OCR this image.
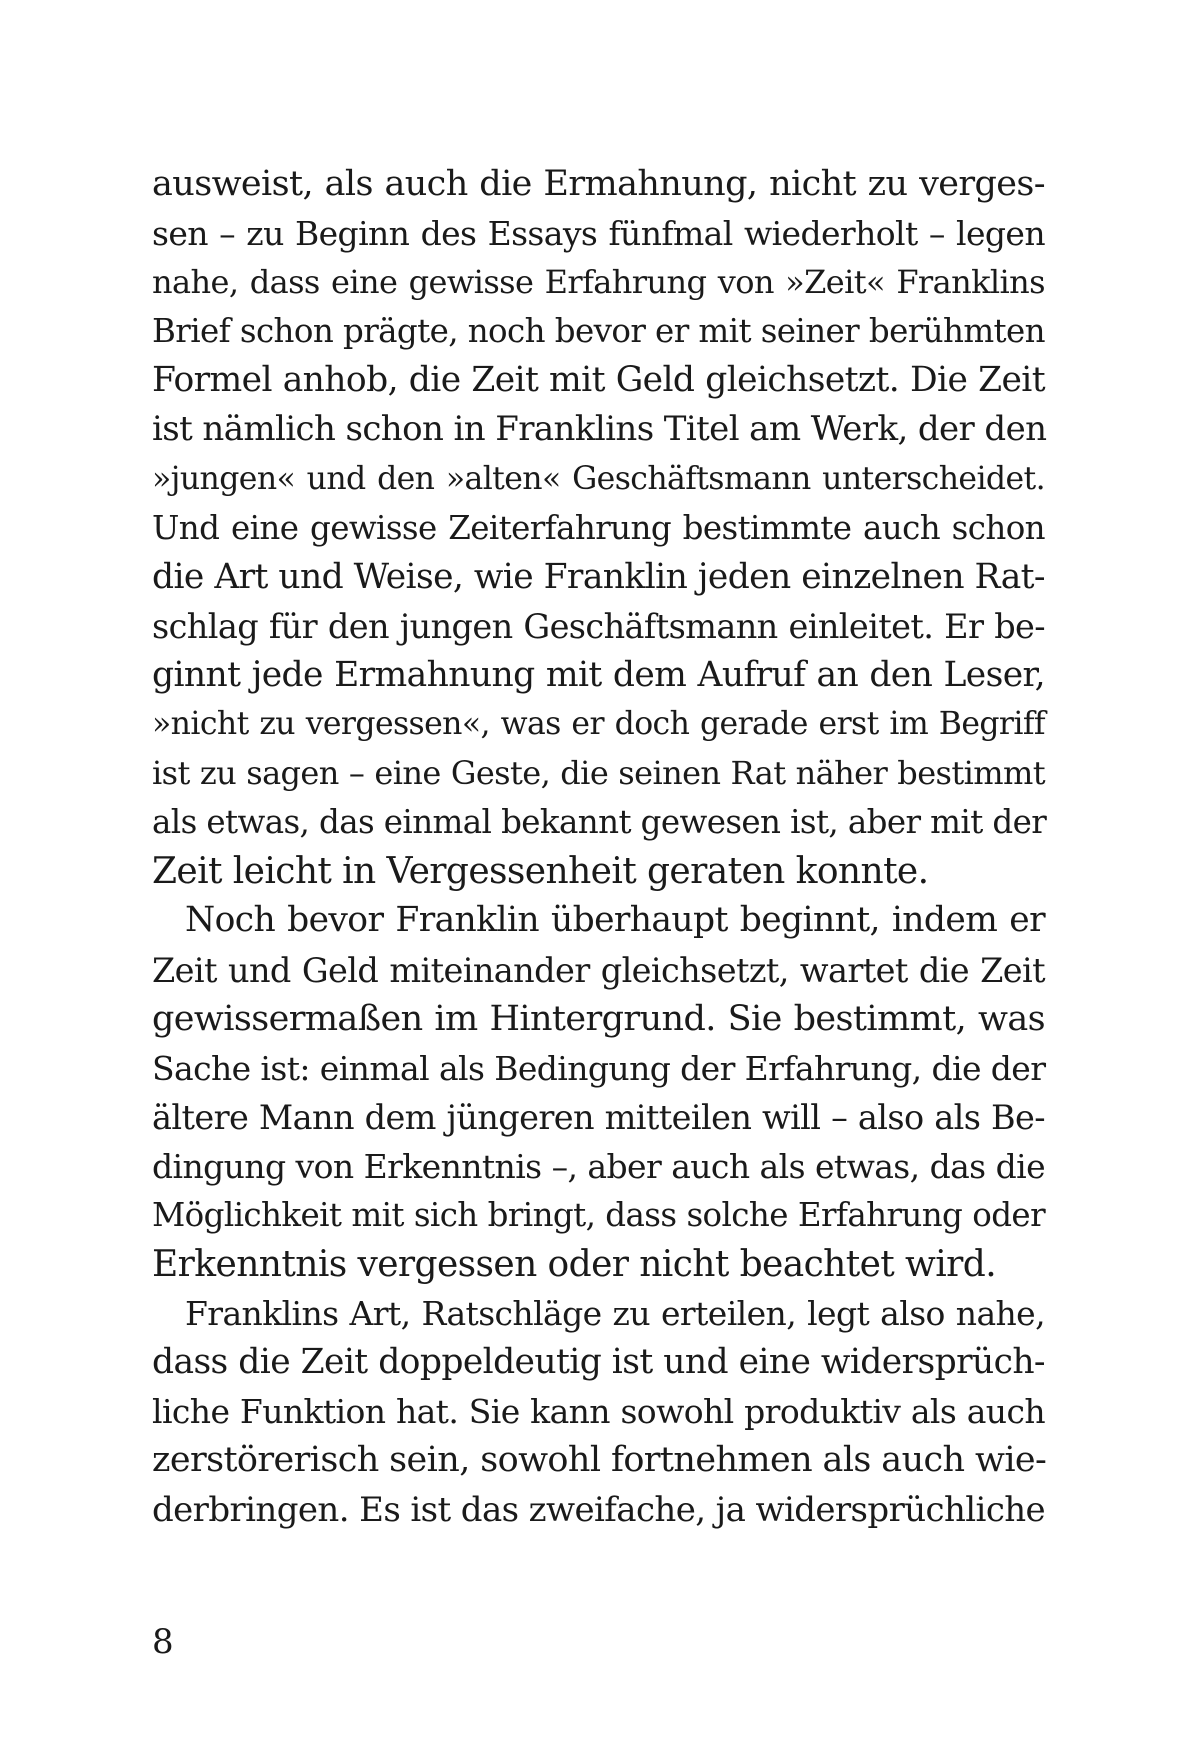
ausweist, als auch die Ermahnung, nicht zu verges-
sen – zu Beginn des Essays fünfmal wiederholt – legen
nahe, dass eine gewisse Erfahrung von »Zeit« Franklins
Brief schon prägte, noch bevor er mit seiner berühmten
Formel anhob, die Zeit mit Geld gleichsetzt. Die Zeit
ist nämlich schon in Franklins Titel am Werk, der den
»jungen« und den »alten« Geschäftsmann unterscheidet.
Und eine gewisse Zeiterfahrung bestimmte auch schon
die Art und Weise, wie Franklin jeden einzelnen Rat-
schlag für den jungen Geschäftsmann einleitet. Er be-
ginnt jede Ermahnung mit dem Aufruf an den Leser,
»nicht zu vergessen«, was er doch gerade erst im Begriff
ist zu sagen – eine Geste, die seinen Rat näher bestimmt
als etwas, das einmal bekannt gewesen ist, aber mit der
Zeit leicht in Vergessenheit geraten konnte.
Noch bevor Franklin überhaupt beginnt, indem er
Zeit und Geld miteinander gleichsetzt, wartet die Zeit
gewissermaßen im Hintergrund. Sie bestimmt, was
Sache ist: einmal als Bedingung der Erfahrung, die der
ältere Mann dem jüngeren mitteilen will – also als Be-
dingung von Erkenntnis –, aber auch als etwas, das die
Möglichkeit mit sich bringt, dass solche Erfahrung oder
Erkenntnis vergessen oder nicht beachtet wird.
Franklins Art, Ratschläge zu erteilen, legt also nahe,
dass die Zeit doppeldeutig ist und eine widersprüch-
liche Funktion hat. Sie kann sowohl produktiv als auch
zerstörerisch sein, sowohl fortnehmen als auch wie-
derbringen. Es ist das zweifache, ja widersprüchliche
8
